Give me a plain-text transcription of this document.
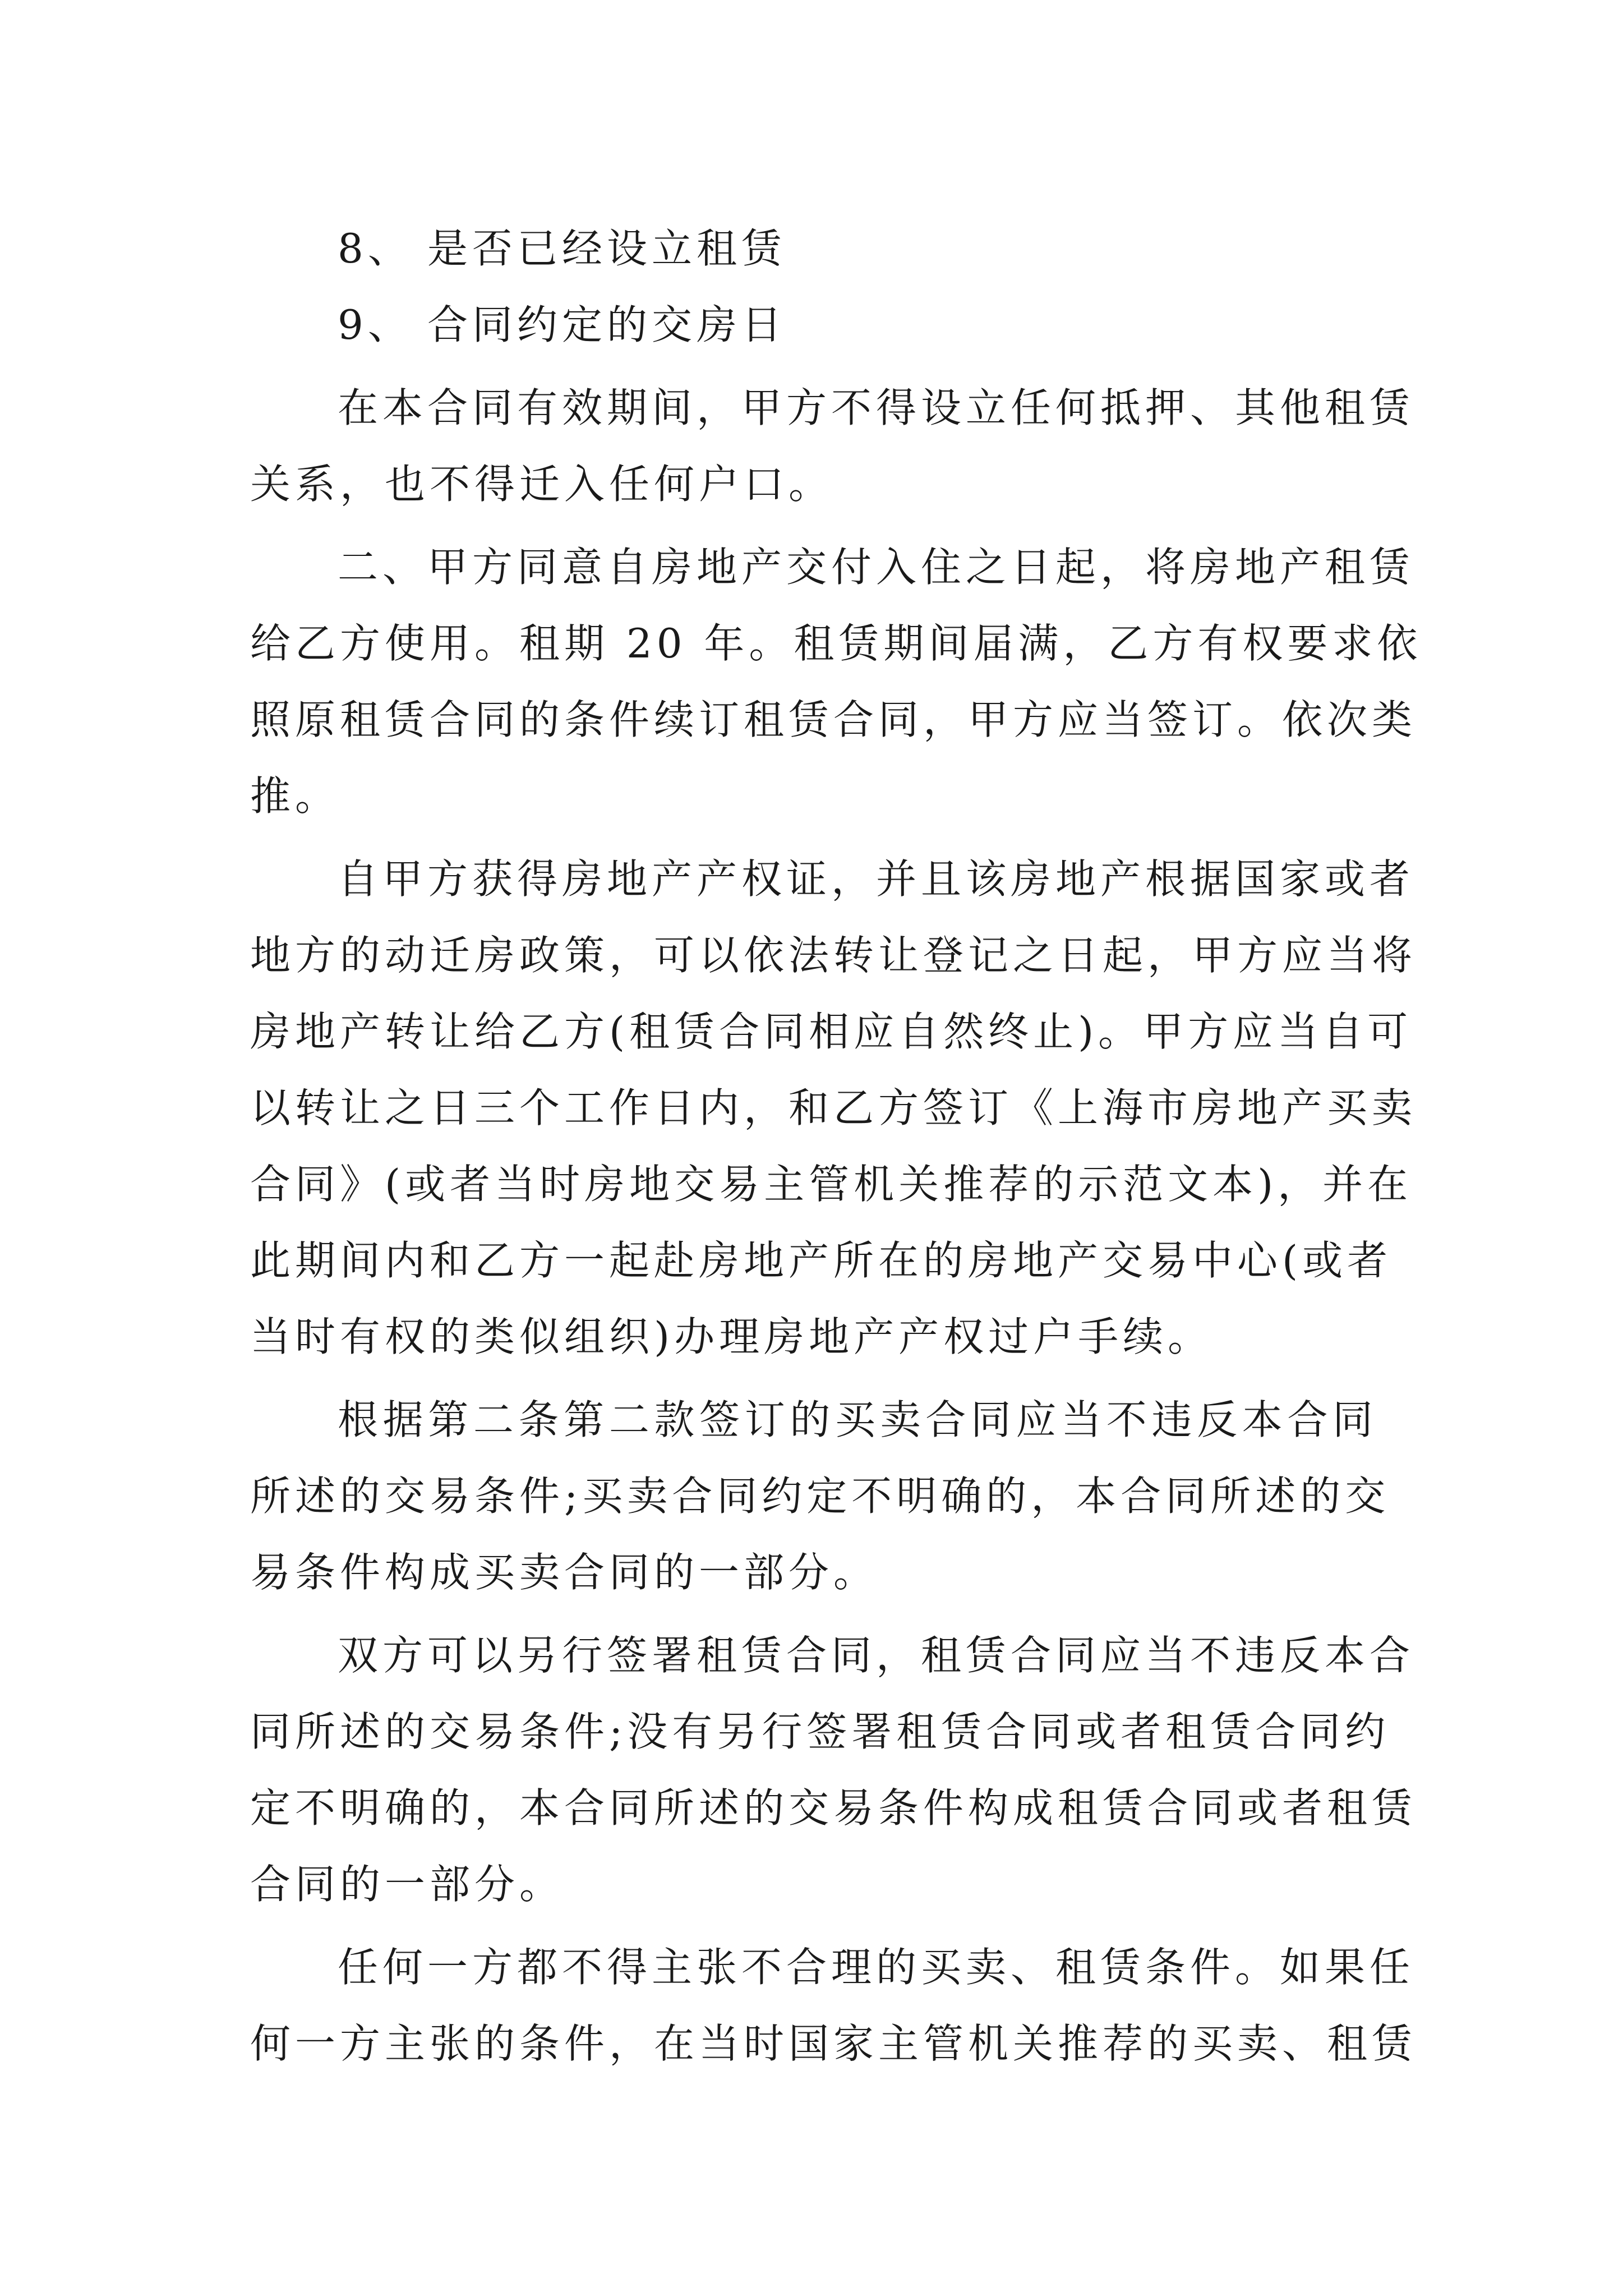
8、 是否已经设立租赁
9、 合同约定的交房日
在本合同有效期间，甲方不得设立任何抵押、其他租赁
关系，也不得迁入任何户口。
二、甲方同意自房地产交付入住之日起，将房地产租赁
给乙方使用。租期 20 年。租赁期间届满，乙方有权要求依
照原租赁合同的条件续订租赁合同，甲方应当签订。依次类
推。
自甲方获得房地产产权证，并且该房地产根据国家或者
地方的动迁房政策，可以依法转让登记之日起，甲方应当将
房地产转让给乙方(租赁合同相应自然终止)。甲方应当自可
以转让之日三个工作日内，和乙方签订《上海市房地产买卖
合同》(或者当时房地交易主管机关推荐的示范文本)，并在
此期间内和乙方一起赴房地产所在的房地产交易中心(或者
当时有权的类似组织)办理房地产产权过户手续。
根据第二条第二款签订的买卖合同应当不违反本合同
所述的交易条件;买卖合同约定不明确的，本合同所述的交
易条件构成买卖合同的一部分。
双方可以另行签署租赁合同，租赁合同应当不违反本合
同所述的交易条件;没有另行签署租赁合同或者租赁合同约
定不明确的，本合同所述的交易条件构成租赁合同或者租赁
合同的一部分。
任何一方都不得主张不合理的买卖、租赁条件。如果任
何一方主张的条件，在当时国家主管机关推荐的买卖、租赁
